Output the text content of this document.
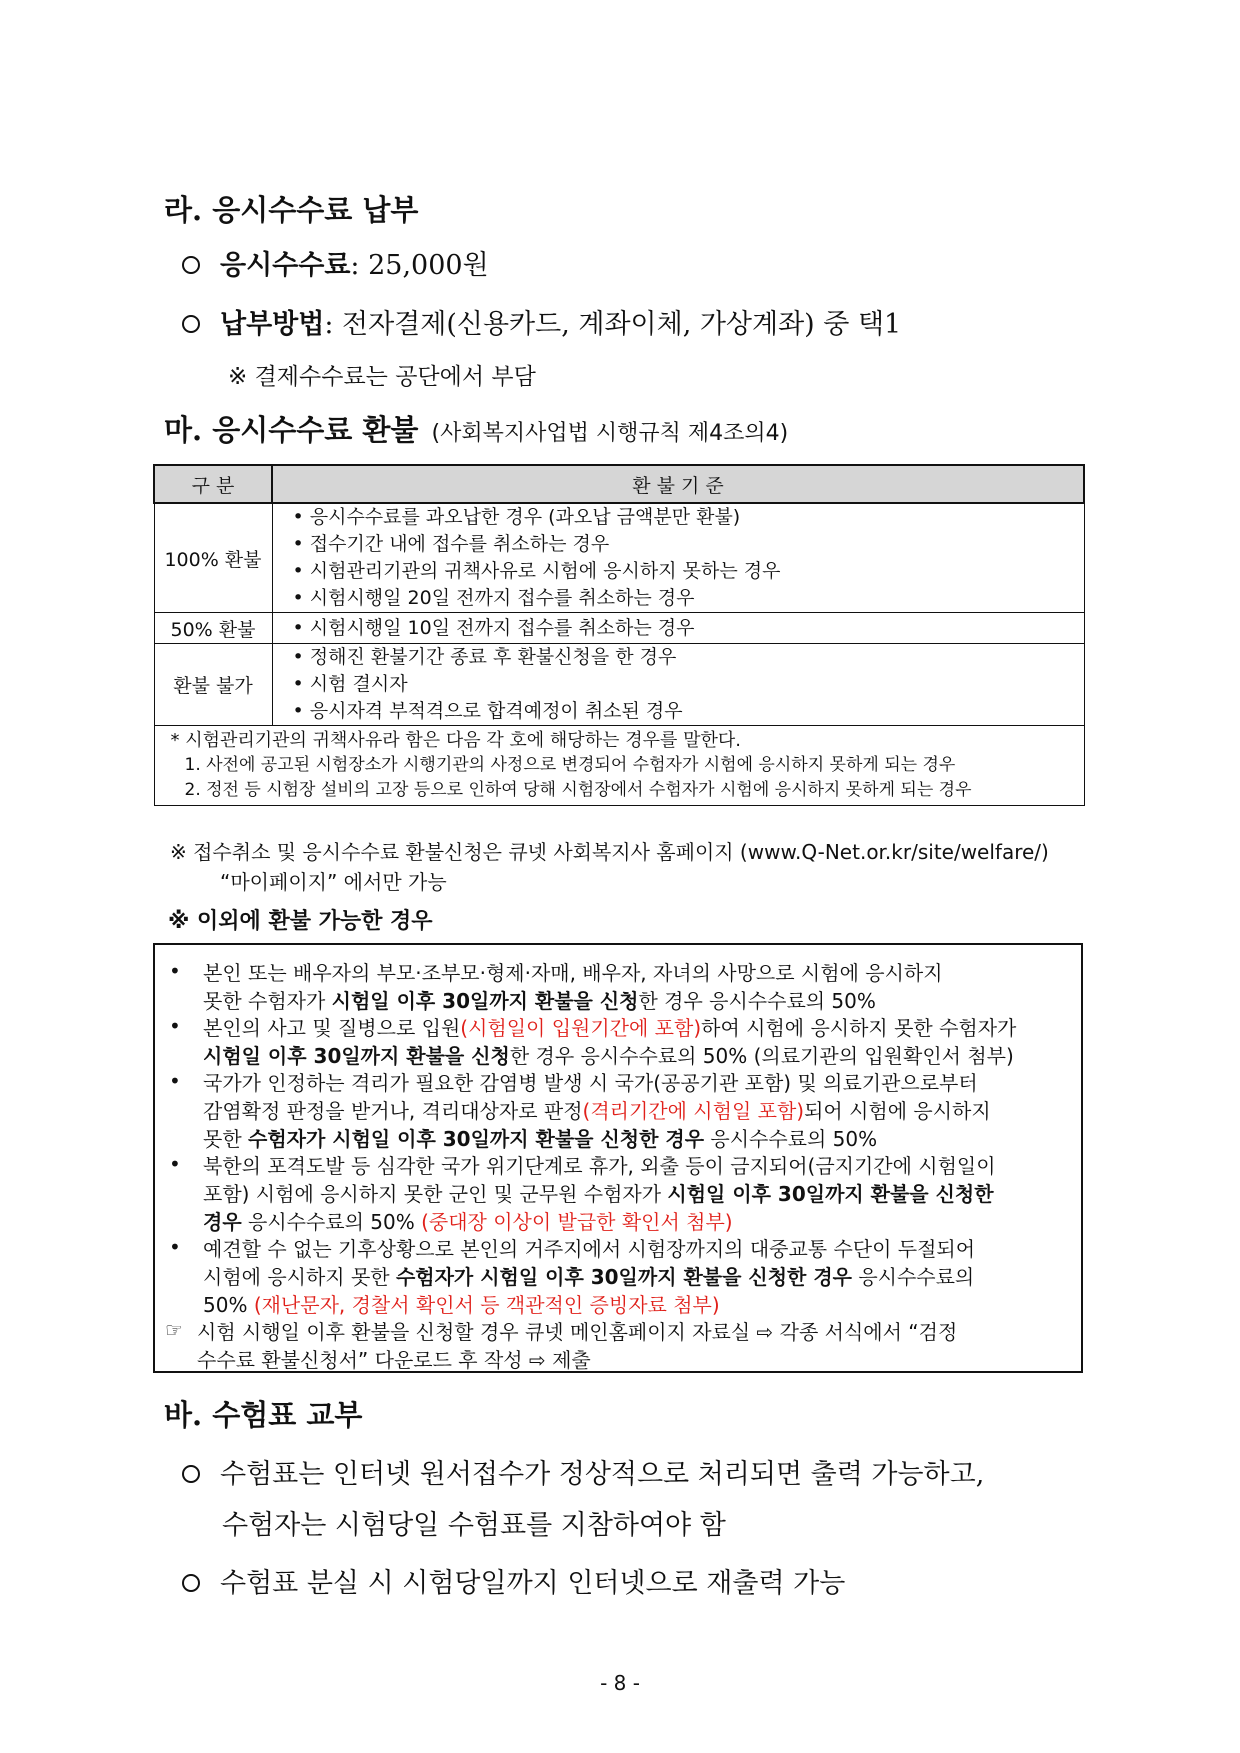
라. 응시수수료 납부
응시수수료: 25,000원
납부방법: 전자결제(신용카드, 계좌이체, 가상계좌) 중 택1
※ 결제수수료는 공단에서 부담
마. 응시수수료 환불 (사회복지사업법 시행규칙 제4조의4)
구 분	환 불 기 준
100% 환불	• 응시수수료를 과오납한 경우 (과오납 금액분만 환불)
• 접수기간 내에 접수를 취소하는 경우
• 시험관리기관의 귀책사유로 시험에 응시하지 못하는 경우
• 시험시행일 20일 전까지 접수를 취소하는 경우

50% 환불	• 시험시행일 10일 전까지 접수를 취소하는 경우

환불 불가	• 정해진 환불기간 종료 후 환불신청을 한 경우
• 시험 결시자
• 응시자격 부적격으로 합격예정이 취소된 경우

* 시험관리기관의 귀책사유라 함은 다음 각 호에 해당하는 경우를 말한다.
1. 사전에 공고된 시험장소가 시행기관의 사정으로 변경되어 수험자가 시험에 응시하지 못하게 되는 경우
2. 정전 등 시험장 설비의 고장 등으로 인하여 당해 시험장에서 수험자가 시험에 응시하지 못하게 되는 경우	
※ 접수취소 및 응시수수료 환불신청은 큐넷 사회복지사 홈페이지 (www.Q-Net.or.kr/site/welfare/)
“마이페이지” 에서만 가능
※ 이외에 환불 가능한 경우
• 본인 또는 배우자의 부모·조부모·형제·자매, 배우자, 자녀의 사망으로 시험에 응시하지
못한 수험자가 시험일 이후 30일까지 환불을 신청한 경우 응시수수료의 50%
• 본인의 사고 및 질병으로 입원(시험일이 입원기간에 포함)하여 시험에 응시하지 못한 수험자가
시험일 이후 30일까지 환불을 신청한 경우 응시수수료의 50% (의료기관의 입원확인서 첨부)
• 국가가 인정하는 격리가 필요한 감염병 발생 시 국가(공공기관 포함) 및 의료기관으로부터
감염확정 판정을 받거나, 격리대상자로 판정(격리기간에 시험일 포함)되어 시험에 응시하지
못한 수험자가 시험일 이후 30일까지 환불을 신청한 경우 응시수수료의 50%
• 북한의 포격도발 등 심각한 국가 위기단계로 휴가, 외출 등이 금지되어(금지기간에 시험일이
포함) 시험에 응시하지 못한 군인 및 군무원 수험자가 시험일 이후 30일까지 환불을 신청한
경우 응시수수료의 50% (중대장 이상이 발급한 확인서 첨부)
• 예견할 수 없는 기후상황으로 본인의 거주지에서 시험장까지의 대중교통 수단이 두절되어
시험에 응시하지 못한 수험자가 시험일 이후 30일까지 환불을 신청한 경우 응시수수료의
50% (재난문자, 경찰서 확인서 등 객관적인 증빙자료 첨부)
☞ 시험 시행일 이후 환불을 신청할 경우 큐넷 메인홈페이지 자료실 ⇨ 각종 서식에서 “검정
수수료 환불신청서” 다운로드 후 작성 ⇨ 제출
바. 수험표 교부
수험표는 인터넷 원서접수가 정상적으로 처리되면 출력 가능하고,
수험자는 시험당일 수험표를 지참하여야 함
수험표 분실 시 시험당일까지 인터넷으로 재출력 가능
- 8 -
